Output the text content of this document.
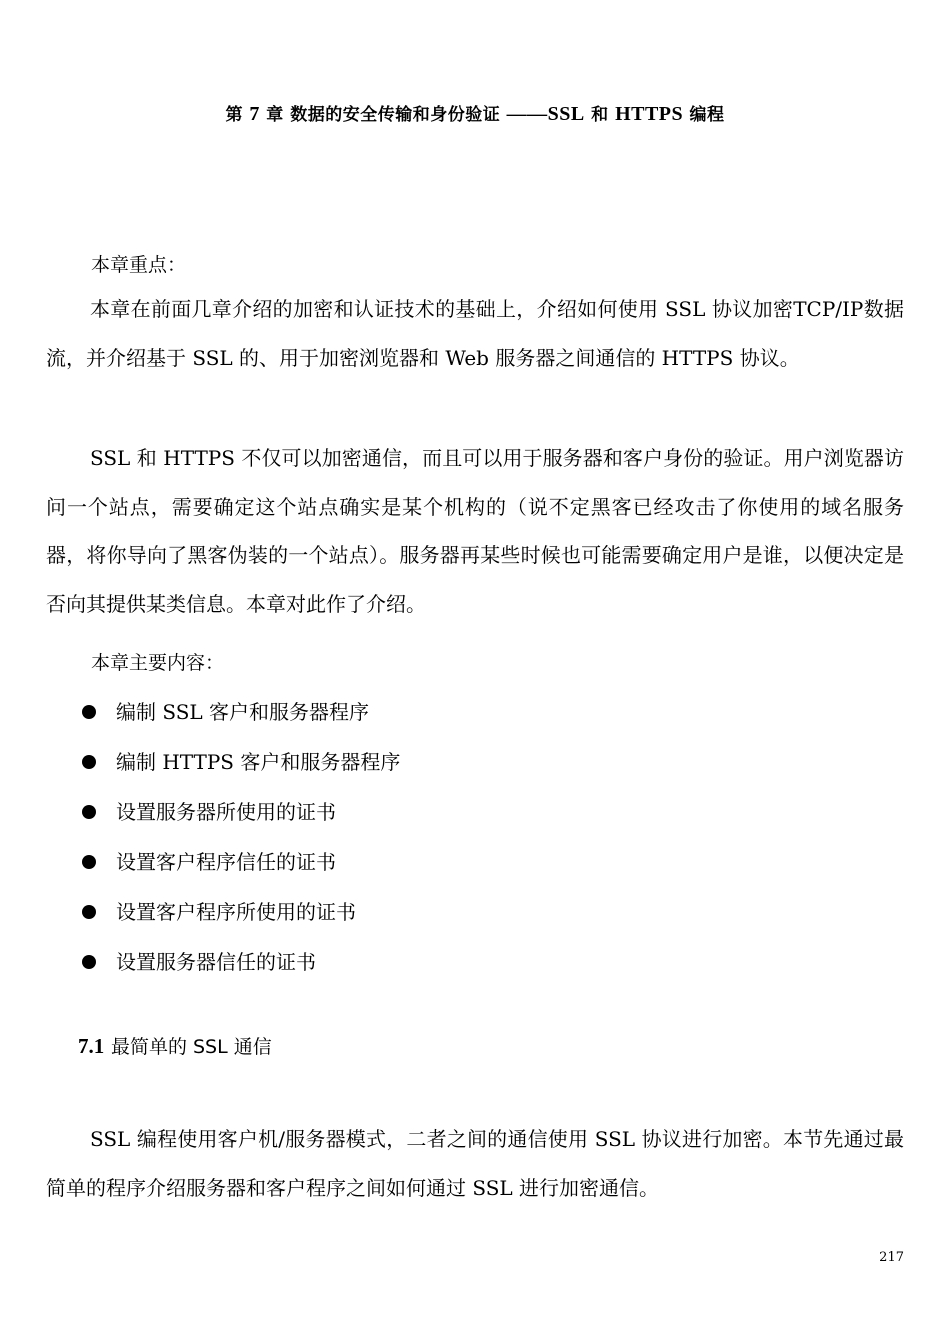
第 7 章 数据的安全传输和身份验证 ——SSL 和 HTTPS 编程
本章重点：

本章在前面几章介绍的加密和认证技术的基础上，介绍如何使用 SSL 协议加密TCP/IP数据流，并介绍基于 SSL 的、用于加密浏览器和 Web 服务器之间通信的 HTTPS 协议。

SSL 和 HTTPS 不仅可以加密通信，而且可以用于服务器和客户身份的验证。用户浏览器访问一个站点，需要确定这个站点确实是某个机构的（说不定黑客已经攻击了你使用的域名服务器，将你导向了黑客伪装的一个站点）。服务器再某些时候也可能需要确定用户是谁，以便决定是否向其提供某类信息。本章对此作了介绍。

本章主要内容：
编制 SSL 客户和服务器程序
编制 HTTPS 客户和服务器程序
设置服务器所使用的证书
设置客户程序信任的证书
设置客户程序所使用的证书
设置服务器信任的证书
7.1 最简单的 SSL 通信

SSL 编程使用客户机/服务器模式，二者之间的通信使用 SSL 协议进行加密。本节先通过最简单的程序介绍服务器和客户程序之间如何通过 SSL 进行加密通信。

217
